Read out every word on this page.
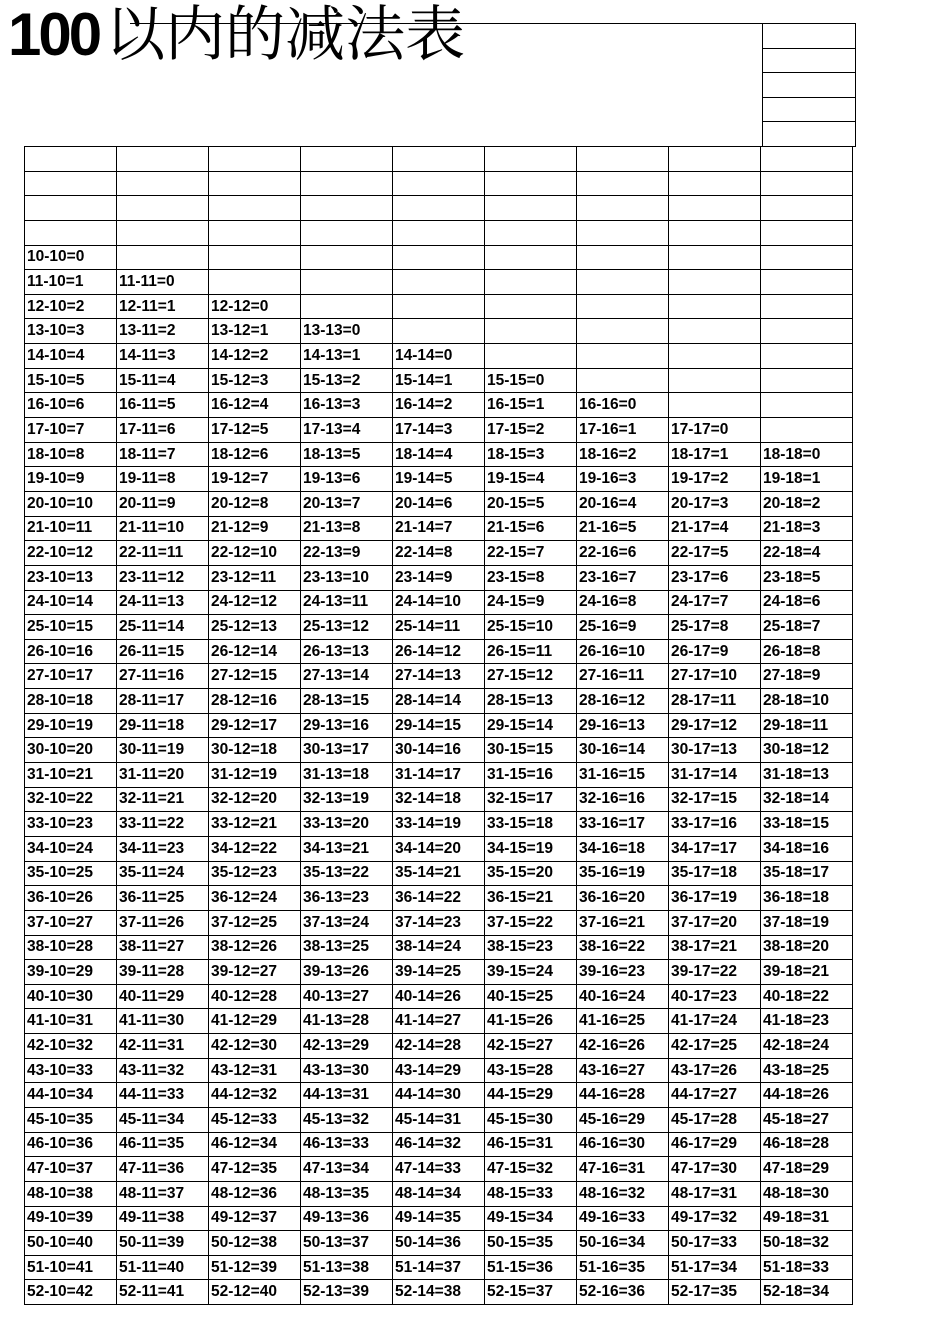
100 以内的减法表

10-10=0								
11-10=1	11-11=0							
12-10=2	12-11=1	12-12=0						
13-10=3	13-11=2	13-12=1	13-13=0					
14-10=4	14-11=3	14-12=2	14-13=1	14-14=0				
15-10=5	15-11=4	15-12=3	15-13=2	15-14=1	15-15=0			
16-10=6	16-11=5	16-12=4	16-13=3	16-14=2	16-15=1	16-16=0		
17-10=7	17-11=6	17-12=5	17-13=4	17-14=3	17-15=2	17-16=1	17-17=0	
18-10=8	18-11=7	18-12=6	18-13=5	18-14=4	18-15=3	18-16=2	18-17=1	18-18=0
19-10=9	19-11=8	19-12=7	19-13=6	19-14=5	19-15=4	19-16=3	19-17=2	19-18=1
20-10=10	20-11=9	20-12=8	20-13=7	20-14=6	20-15=5	20-16=4	20-17=3	20-18=2
21-10=11	21-11=10	21-12=9	21-13=8	21-14=7	21-15=6	21-16=5	21-17=4	21-18=3
22-10=12	22-11=11	22-12=10	22-13=9	22-14=8	22-15=7	22-16=6	22-17=5	22-18=4
23-10=13	23-11=12	23-12=11	23-13=10	23-14=9	23-15=8	23-16=7	23-17=6	23-18=5
24-10=14	24-11=13	24-12=12	24-13=11	24-14=10	24-15=9	24-16=8	24-17=7	24-18=6
25-10=15	25-11=14	25-12=13	25-13=12	25-14=11	25-15=10	25-16=9	25-17=8	25-18=7
26-10=16	26-11=15	26-12=14	26-13=13	26-14=12	26-15=11	26-16=10	26-17=9	26-18=8
27-10=17	27-11=16	27-12=15	27-13=14	27-14=13	27-15=12	27-16=11	27-17=10	27-18=9
28-10=18	28-11=17	28-12=16	28-13=15	28-14=14	28-15=13	28-16=12	28-17=11	28-18=10
29-10=19	29-11=18	29-12=17	29-13=16	29-14=15	29-15=14	29-16=13	29-17=12	29-18=11
30-10=20	30-11=19	30-12=18	30-13=17	30-14=16	30-15=15	30-16=14	30-17=13	30-18=12
31-10=21	31-11=20	31-12=19	31-13=18	31-14=17	31-15=16	31-16=15	31-17=14	31-18=13
32-10=22	32-11=21	32-12=20	32-13=19	32-14=18	32-15=17	32-16=16	32-17=15	32-18=14
33-10=23	33-11=22	33-12=21	33-13=20	33-14=19	33-15=18	33-16=17	33-17=16	33-18=15
34-10=24	34-11=23	34-12=22	34-13=21	34-14=20	34-15=19	34-16=18	34-17=17	34-18=16
35-10=25	35-11=24	35-12=23	35-13=22	35-14=21	35-15=20	35-16=19	35-17=18	35-18=17
36-10=26	36-11=25	36-12=24	36-13=23	36-14=22	36-15=21	36-16=20	36-17=19	36-18=18
37-10=27	37-11=26	37-12=25	37-13=24	37-14=23	37-15=22	37-16=21	37-17=20	37-18=19
38-10=28	38-11=27	38-12=26	38-13=25	38-14=24	38-15=23	38-16=22	38-17=21	38-18=20
39-10=29	39-11=28	39-12=27	39-13=26	39-14=25	39-15=24	39-16=23	39-17=22	39-18=21
40-10=30	40-11=29	40-12=28	40-13=27	40-14=26	40-15=25	40-16=24	40-17=23	40-18=22
41-10=31	41-11=30	41-12=29	41-13=28	41-14=27	41-15=26	41-16=25	41-17=24	41-18=23
42-10=32	42-11=31	42-12=30	42-13=29	42-14=28	42-15=27	42-16=26	42-17=25	42-18=24
43-10=33	43-11=32	43-12=31	43-13=30	43-14=29	43-15=28	43-16=27	43-17=26	43-18=25
44-10=34	44-11=33	44-12=32	44-13=31	44-14=30	44-15=29	44-16=28	44-17=27	44-18=26
45-10=35	45-11=34	45-12=33	45-13=32	45-14=31	45-15=30	45-16=29	45-17=28	45-18=27
46-10=36	46-11=35	46-12=34	46-13=33	46-14=32	46-15=31	46-16=30	46-17=29	46-18=28
47-10=37	47-11=36	47-12=35	47-13=34	47-14=33	47-15=32	47-16=31	47-17=30	47-18=29
48-10=38	48-11=37	48-12=36	48-13=35	48-14=34	48-15=33	48-16=32	48-17=31	48-18=30
49-10=39	49-11=38	49-12=37	49-13=36	49-14=35	49-15=34	49-16=33	49-17=32	49-18=31
50-10=40	50-11=39	50-12=38	50-13=37	50-14=36	50-15=35	50-16=34	50-17=33	50-18=32
51-10=41	51-11=40	51-12=39	51-13=38	51-14=37	51-15=36	51-16=35	51-17=34	51-18=33
52-10=42	52-11=41	52-12=40	52-13=39	52-14=38	52-15=37	52-16=36	52-17=35	52-18=34
